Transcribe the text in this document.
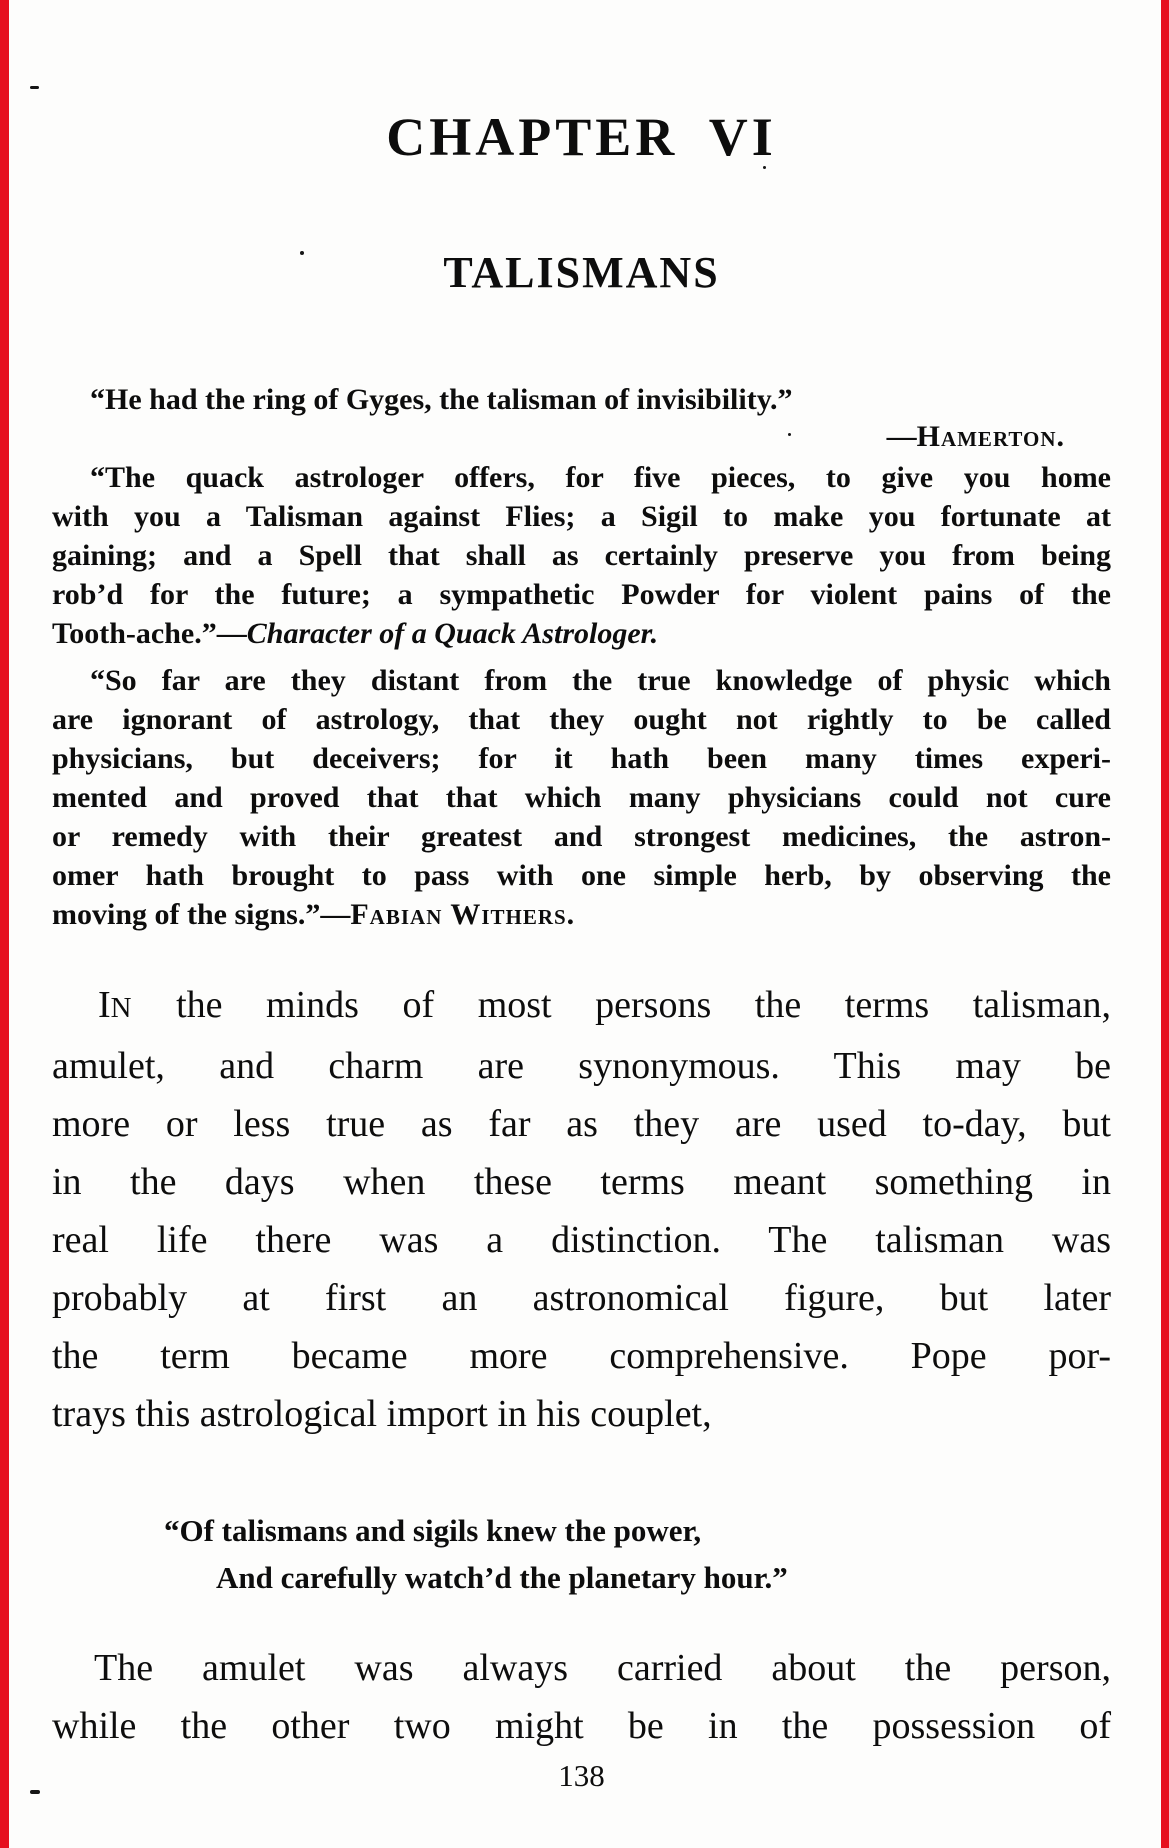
CHAPTER VI
TALISMANS
“He had the ring of Gyges, the talisman of invisibility.”
—Hamerton.
“The quack astrologer offers, for five pieces, to give you home
with you a Talisman against Flies; a Sigil to make you fortunate at
gaining; and a Spell that shall as certainly preserve you from being
rob’d for the future; a sympathetic Powder for violent pains of the
Tooth-ache.”—Character of a Quack Astrologer.
“So far are they distant from the true knowledge of physic which
are ignorant of astrology, that they ought not rightly to be called
physicians, but deceivers; for it hath been many times experi-
mented and proved that that which many physicians could not cure
or remedy with their greatest and strongest medicines, the astron-
omer hath brought to pass with one simple herb, by observing the
moving of the signs.”—Fabian Withers.
IN the minds of most persons the terms talisman,
amulet, and charm are synonymous. This may be
more or less true as far as they are used to-day, but
in the days when these terms meant something in
real life there was a distinction. The talisman was
probably at first an astronomical figure, but later
the term became more comprehensive. Pope por-
trays this astrological import in his couplet,
“Of talismans and sigils knew the power,
And carefully watch’d the planetary hour.”
The amulet was always carried about the person,
while the other two might be in the possession of
138
